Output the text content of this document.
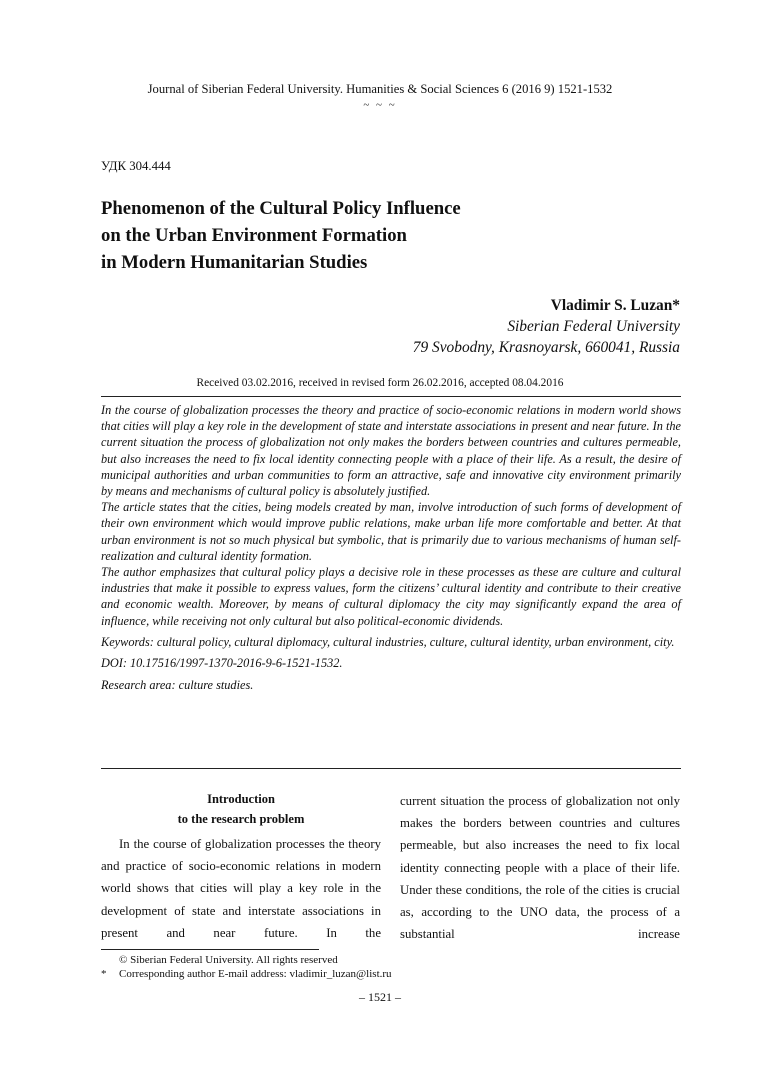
Journal of Siberian Federal University. Humanities & Social Sciences 6 (2016 9) 1521-1532
~ ~ ~
УДК 304.444
Phenomenon of the Cultural Policy Influence
on the Urban Environment Formation
in Modern Humanitarian Studies
Vladimir S. Luzan*
Siberian Federal University
79 Svobodny, Krasnoyarsk, 660041, Russia
Received 03.02.2016, received in revised form 26.02.2016, accepted 08.04.2016

In the course of globalization processes the theory and practice of socio-economic relations in modern world shows that cities will play a key role in the development of state and interstate associations in present and near future. In the current situation the process of globalization not only makes the borders between countries and cultures permeable, but also increases the need to fix local identity connecting people with a place of their life. As a result, the desire of municipal authorities and urban communities to form an attractive, safe and innovative city environment primarily by means and mechanisms of cultural policy is absolutely justified.

The article states that the cities, being models created by man, involve introduction of such forms of development of their own environment which would improve public relations, make urban life more comfortable and better. At that urban environment is not so much physical but symbolic, that is primarily due to various mechanisms of human self-realization and cultural identity formation.

The author emphasizes that cultural policy plays a decisive role in these processes as these are culture and cultural industries that make it possible to express values, form the citizens’ cultural identity and contribute to their creative and economic wealth. Moreover, by means of cultural diplomacy the city may significantly expand the area of influence, while receiving not only cultural but also political-economic dividends.

Keywords: cultural policy, cultural diplomacy, cultural industries, culture, cultural identity, urban environment, city.

DOI: 10.17516/1997-1370-2016-9-6-1521-1532.

Research area: culture studies.

Introduction
to the research problem

In the course of globalization processes the theory and practice of socio-economic relations in modern world shows that cities will play a key role in the development of state and interstate associations in present and near future. In the

current situation the process of globalization not only makes the borders between countries and cultures permeable, but also increases the need to fix local identity connecting people with a place of their life. Under these conditions, the role of the cities is crucial as, according to the UNO data, the process of a substantial increase

© Siberian Federal University. All rights reserved
* Corresponding author E-mail address: vladimir_luzan@list.ru
– 1521 –
